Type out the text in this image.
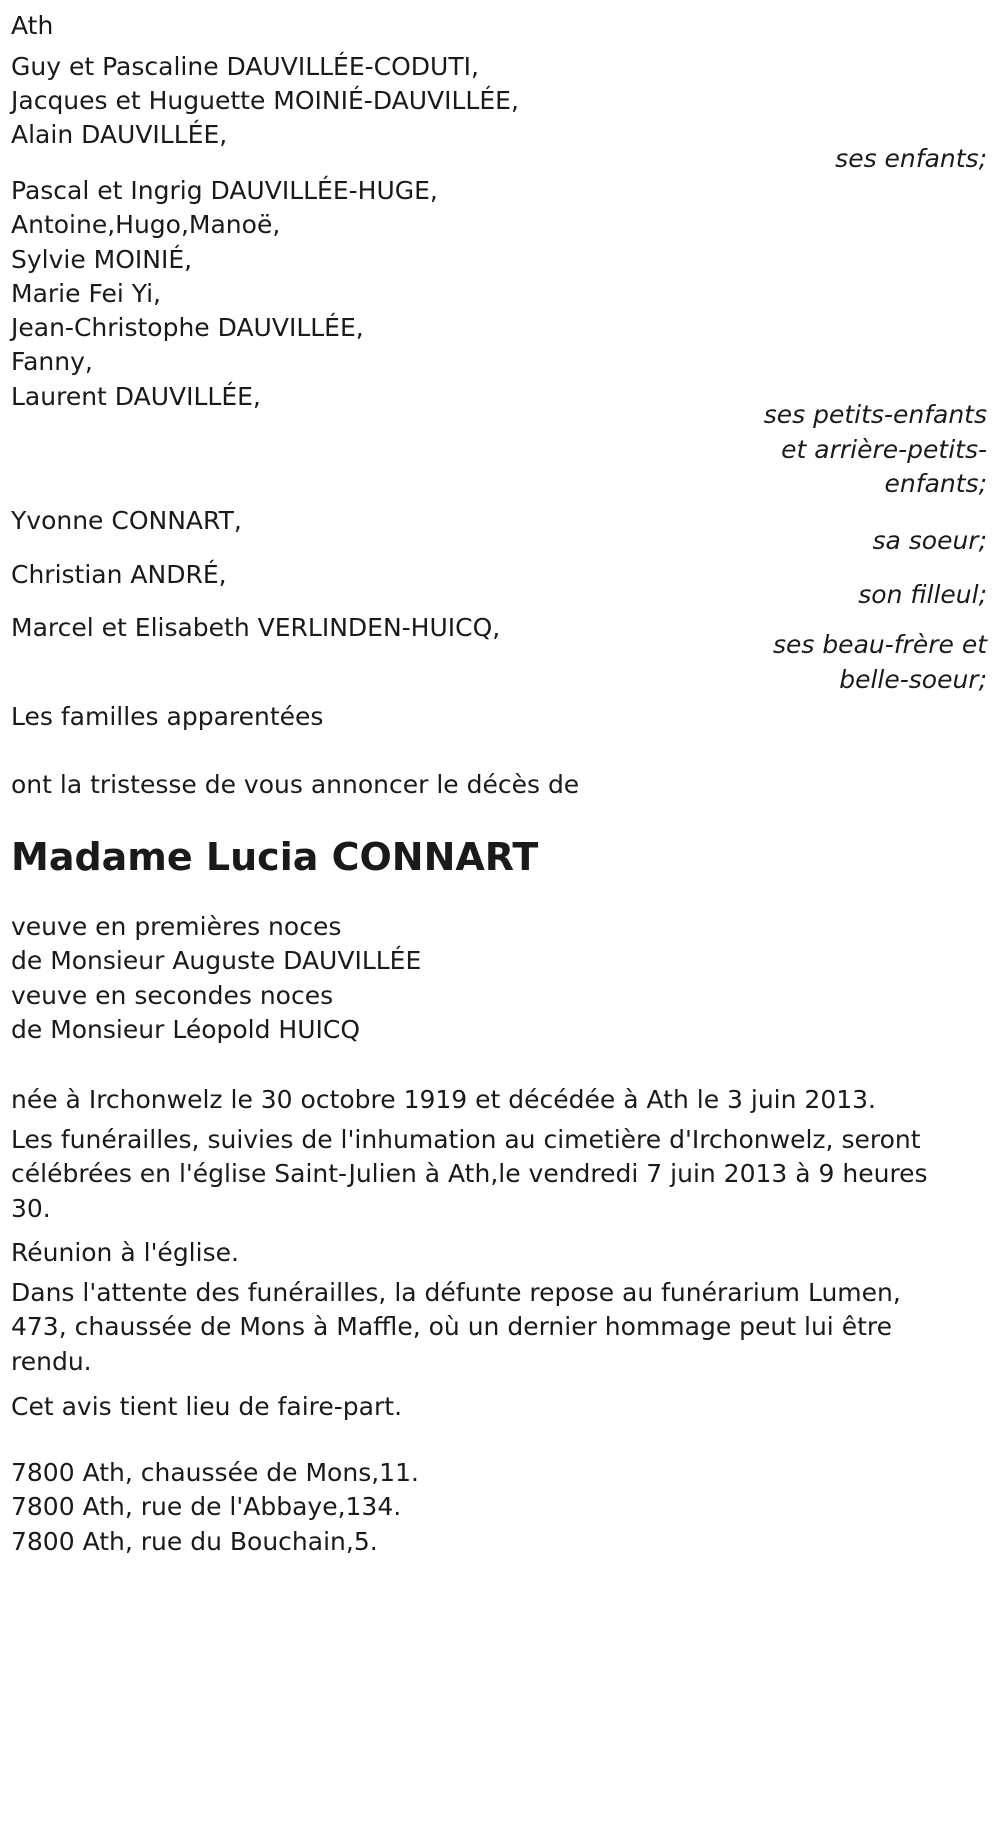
Ath
Guy et Pascaline DAUVILLÉE-CODUTI,
Jacques et Huguette MOINIÉ-DAUVILLÉE,
Alain DAUVILLÉE,
ses enfants;
Pascal et Ingrig DAUVILLÉE-HUGE,
Antoine,Hugo,Manoë,
Sylvie MOINIÉ,
Marie Fei Yi,
Jean-Christophe DAUVILLÉE,
Fanny,
Laurent DAUVILLÉE,
ses petits-enfants
et arrière-petits-
enfants;
Yvonne CONNART,
sa soeur;
Christian ANDRÉ,
son filleul;
Marcel et Elisabeth VERLINDEN-HUICQ,
ses beau-frère et
belle-soeur;
Les familles apparentées
ont la tristesse de vous annoncer le décès de
Madame Lucia CONNART
veuve en premières noces
de Monsieur Auguste DAUVILLÉE
veuve en secondes noces
de Monsieur Léopold HUICQ
née à Irchonwelz le 30 octobre 1919 et décédée à Ath le 3 juin 2013.
Les funérailles, suivies de l'inhumation au cimetière d'Irchonwelz, seront
célébrées en l'église Saint-Julien à Ath,le vendredi 7 juin 2013 à 9 heures
30.
Réunion à l'église.
Dans l'attente des funérailles, la défunte repose au funérarium Lumen,
473, chaussée de Mons à Maffle, où un dernier hommage peut lui être
rendu.
Cet avis tient lieu de faire-part.
7800 Ath, chaussée de Mons,11.
7800 Ath, rue de l'Abbaye,134.
7800 Ath, rue du Bouchain,5.
